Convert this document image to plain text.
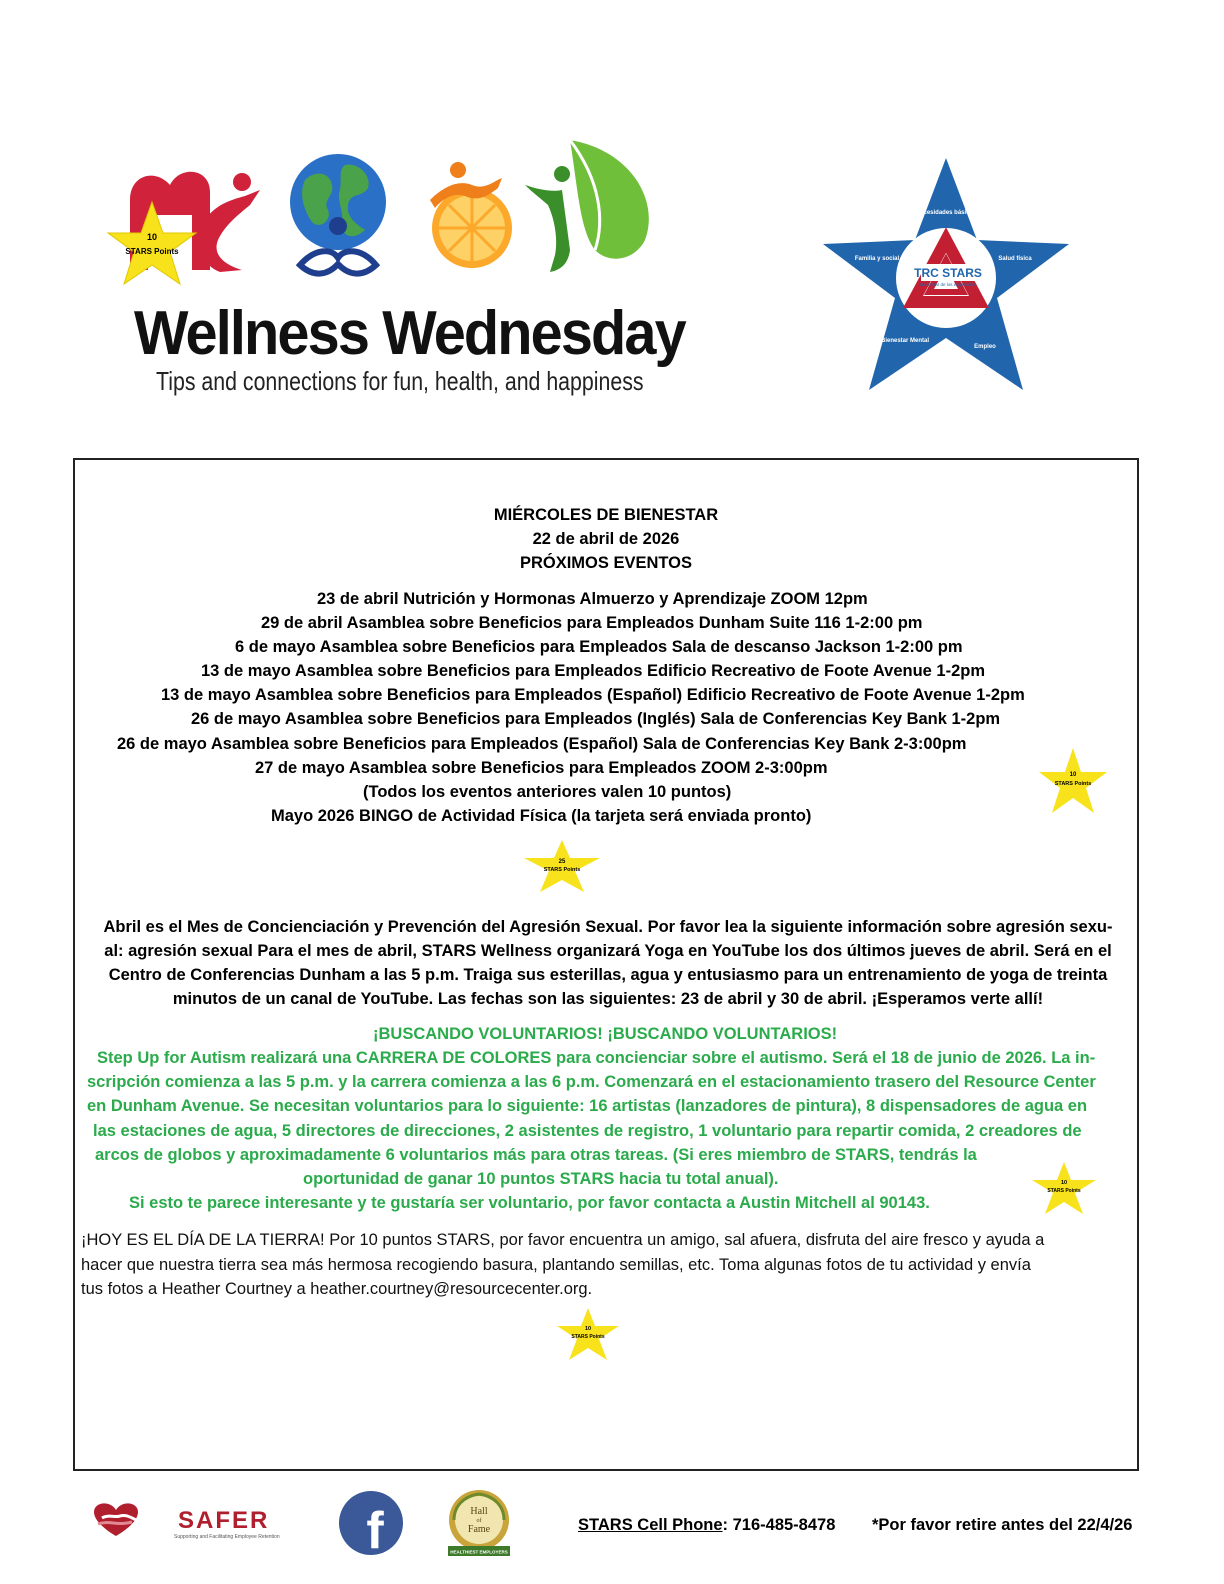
10
STARS Points
Wellness Wednesday
Tips and connections for fun, health, and happiness
TRC STARS
Bienestar de los empleados
Necesidades básicas
Salud física
Empleo
Bienestar Mental
Familia y social
MIÉRCOLES DE BIENESTAR
22 de abril de 2026
PRÓXIMOS EVENTOS
23 de abril Nutrición y Hormonas Almuerzo y Aprendizaje ZOOM 12pm
29 de abril Asamblea sobre Beneficios para Empleados Dunham Suite 116 1-2:00 pm
6 de mayo Asamblea sobre Beneficios para Empleados Sala de descanso Jackson 1-2:00 pm
13 de mayo Asamblea sobre Beneficios para Empleados Edificio Recreativo de Foote Avenue 1-2pm
13 de mayo Asamblea sobre Beneficios para Empleados (Español) Edificio Recreativo de Foote Avenue 1-2pm
26 de mayo Asamblea sobre Beneficios para Empleados (Inglés) Sala de Conferencias Key Bank 1-2pm
26 de mayo Asamblea sobre Beneficios para Empleados (Español) Sala de Conferencias Key Bank 2-3:00pm
27 de mayo Asamblea sobre Beneficios para Empleados ZOOM 2-3:00pm
(Todos los eventos anteriores valen 10 puntos)
Mayo 2026 BINGO de Actividad Física (la tarjeta será enviada pronto)
10
STARS Points
25
STARS Points
Abril es el Mes de Concienciación y Prevención del Agresión Sexual. Por favor lea la siguiente información sobre agresión sexu-
al: agresión sexual Para el mes de abril, STARS Wellness organizará Yoga en YouTube los dos últimos jueves de abril. Será en el
Centro de Conferencias Dunham a las 5 p.m. Traiga sus esterillas, agua y entusiasmo para un entrenamiento de yoga de treinta
minutos de un canal de YouTube. Las fechas son las siguientes: 23 de abril y 30 de abril. ¡Esperamos verte allí!
¡BUSCANDO VOLUNTARIOS! ¡BUSCANDO VOLUNTARIOS!
Step Up for Autism realizará una CARRERA DE COLORES para concienciar sobre el autismo. Será el 18 de junio de 2026. La in-
scripción comienza a las 5 p.m. y la carrera comienza a las 6 p.m. Comenzará en el estacionamiento trasero del Resource Center
en Dunham Avenue. Se necesitan voluntarios para lo siguiente: 16 artistas (lanzadores de pintura), 8 dispensadores de agua en
las estaciones de agua, 5 directores de direcciones, 2 asistentes de registro, 1 voluntario para repartir comida, 2 creadores de
arcos de globos y aproximadamente 6 voluntarios más para otras tareas. (Si eres miembro de STARS, tendrás la
oportunidad de ganar 10 puntos STARS hacia tu total anual).
Si esto te parece interesante y te gustaría ser voluntario, por favor contacta a Austin Mitchell al 90143.
10
STARS Points
¡HOY ES EL DÍA DE LA TIERRA! Por 10 puntos STARS, por favor encuentra un amigo, sal afuera, disfruta del aire fresco y ayuda a
hacer que nuestra tierra sea más hermosa recogiendo basura, plantando semillas, etc. Toma algunas fotos de tu actividad y envía
tus fotos a Heather Courtney a heather.courtney@resourcecenter.org.
10
STARS Points
SAFER
Supporting and Facilitating Employee Retention f	Hall
of
Fame
HEALTHIEST EMPLOYERS
STARS Cell Phone: 716-485-8478 *Por favor retire antes del 22/4/26
